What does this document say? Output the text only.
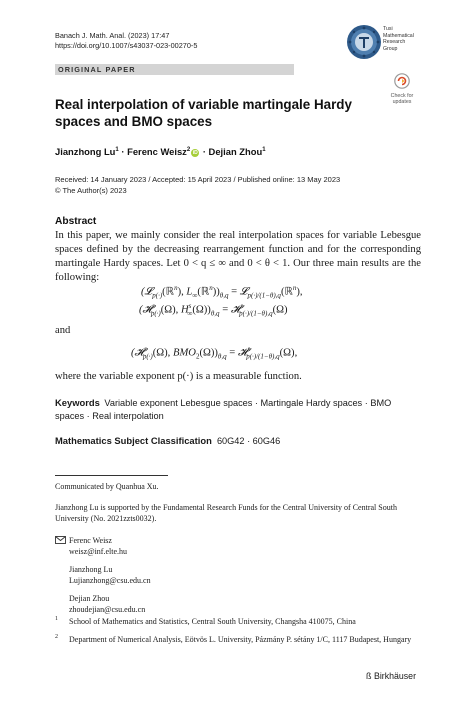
Banach J. Math. Anal. (2023) 17:47
https://doi.org/10.1007/s43037-023-00270-5
Tusi
Mathematical
Research
Group
ORIGINAL PAPER
Check for
updates
Real interpolation of variable martingale Hardy spaces and BMO spaces
Jianzhong $Lu^1$ · Ferenc Weisz$^2$iD · Dejian Zhou$^1$
Received: 14 January 2023 / Accepted: 15 April 2023 / Published online: 13 May 2023
© The Author(s) 2023
Abstract
In this paper, we mainly consider the real interpolation spaces for variable Lebesgue spaces defined by the decreasing rearrangement function and for the corresponding martingale Hardy spaces. Let 0 < q ≤ ∞ and 0 < θ < 1. Our three main results are the following:
(𝓛$_{p(\cdot)}$(ℝ$^n$), $L_\infty(ℝ^n))_{\theta,q}$ = 𝓛$_{p(\cdot)/(1-\theta),q}$(ℝ$^n$),
(𝓗$^s_{p(\cdot)}$(Ω), $H^s_\infty(\Omega))_{\theta,q}$ = 𝓗$^s_{p(\cdot)/(1-\theta),q}$(Ω)
and
(𝓗$^s_{p(\cdot)}$(Ω), $BMO_2(\Omega))_{\theta,q}$ = 𝓗$^s_{p(\cdot)/(1-\theta),q}$(Ω),
where the variable exponent p(·) is a measurable function.
Keywords Variable exponent Lebesgue spaces · Martingale Hardy spaces · BMO spaces · Real interpolation
Mathematics Subject Classification 60G42 · 60G46
Communicated by Quanhua Xu.
Jianzhong Lu is supported by the Fundamental Research Funds for the Central University of Central South University (No. 2021zzts0032).
Ferenc Weisz
weisz@inf.elte.hu
Jianzhong Lu
Lujianzhong@csu.edu.cn
Dejian Zhou
zhoudejian@csu.edu.cn
1 School of Mathematics and Statistics, Central South University, Changsha 410075, China
2 Department of Numerical Analysis, Eötvös L. University, Pázmány P. sétány 1/C, 1117 Budapest, Hungary
ß Birkhäuser
